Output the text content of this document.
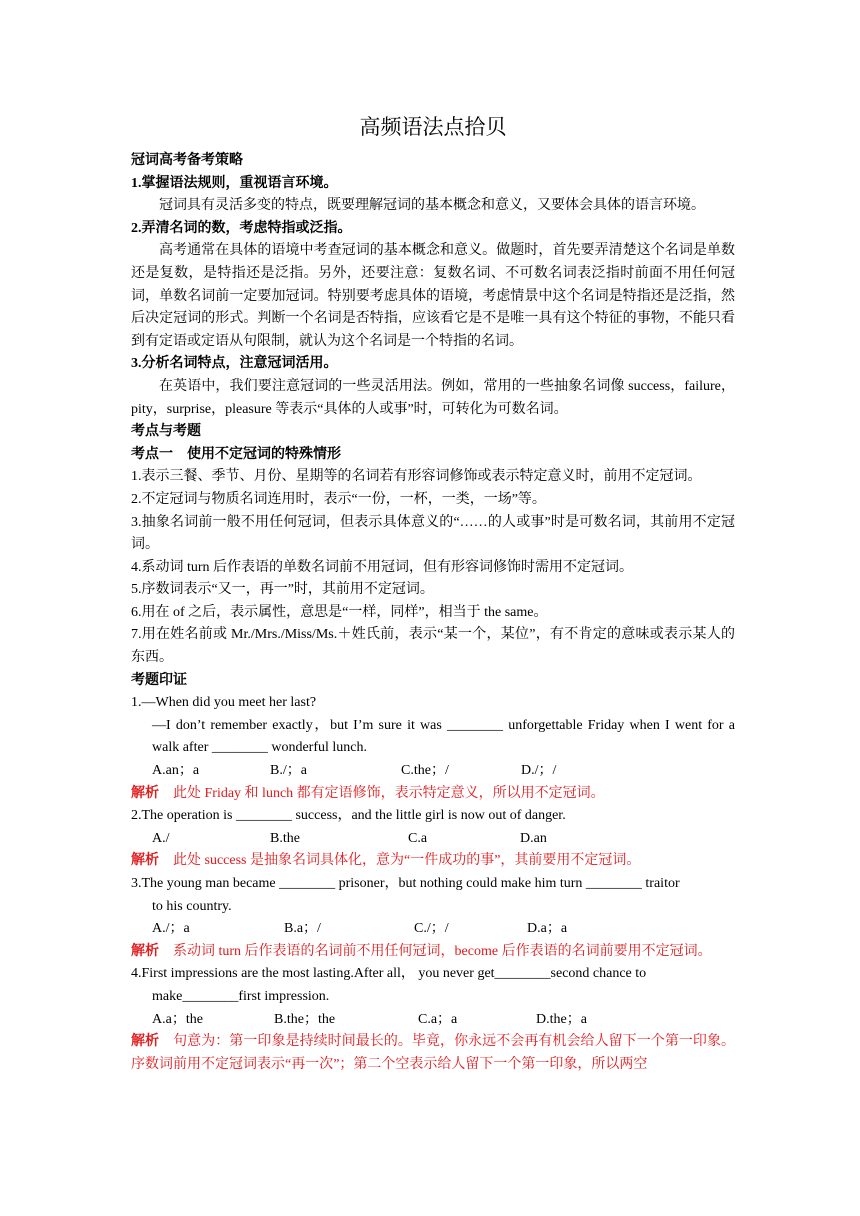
高频语法点拾贝

冠词高考备考策略

1.掌握语法规则，重视语言环境。

冠词具有灵活多变的特点，既要理解冠词的基本概念和意义，又要体会具体的语言环境。

2.弄清名词的数，考虑特指或泛指。

高考通常在具体的语境中考查冠词的基本概念和意义。做题时，首先要弄清楚这个名词是单数还是复数，是特指还是泛指。另外，还要注意：复数名词、不可数名词表泛指时前面不用任何冠词，单数名词前一定要加冠词。特别要考虑具体的语境，考虑情景中这个名词是特指还是泛指，然后决定冠词的形式。判断一个名词是否特指，应该看它是不是唯一具有这个特征的事物，不能只看到有定语或定语从句限制，就认为这个名词是一个特指的名词。

3.分析名词特点，注意冠词活用。

在英语中，我们要注意冠词的一些灵活用法。例如，常用的一些抽象名词像 success，failure，pity，surprise，pleasure 等表示“具体的人或事”时，可转化为可数名词。

考点与考题

考点一　使用不定冠词的特殊情形

1.表示三餐、季节、月份、星期等的名词若有形容词修饰或表示特定意义时，前用不定冠词。

2.不定冠词与物质名词连用时，表示“一份，一杯，一类，一场”等。

3.抽象名词前一般不用任何冠词，但表示具体意义的“……的人或事”时是可数名词，其前用不定冠词。

4.系动词 turn 后作表语的单数名词前不用冠词，但有形容词修饰时需用不定冠词。

5.序数词表示“又一，再一”时，其前用不定冠词。

6.用在 of 之后，表示属性，意思是“一样，同样”，相当于 the same。

7.用在姓名前或 Mr./Mrs./Miss/Ms.＋姓氏前，表示“某一个，某位”，有不肯定的意味或表示某人的东西。

考题印证

1.—When did you meet her last?

—I don’t remember exactly，but I’m sure it was ________ unforgettable Friday when I went for a walk after ________ wonderful lunch.

A.an；a	B./；a	C.the；/	D./；/

解析 此处 Friday 和 lunch 都有定语修饰，表示特定意义，所以用不定冠词。

2.The operation is ________ success，and the little girl is now out of danger.

A./	B.the	C.a	D.an

解析 此处 success 是抽象名词具体化，意为“一件成功的事”，其前要用不定冠词。

3.The young man became ________ prisoner，but nothing could make him turn ________ traitor

to his country.

A./；a	B.a；/	C./；/	D.a；a

解析 系动词 turn 后作表语的名词前不用任何冠词，become 后作表语的名词前要用不定冠词。

4.First impressions are the most lasting.After all， you never get________second chance to

make________first impression.

A.a；the	B.the；the	C.a；a	D.the；a

解析 句意为：第一印象是持续时间最长的。毕竟，你永远不会再有机会给人留下一个第一印象。序数词前用不定冠词表示“再一次”；第二个空表示给人留下一个第一印象，所以两空
